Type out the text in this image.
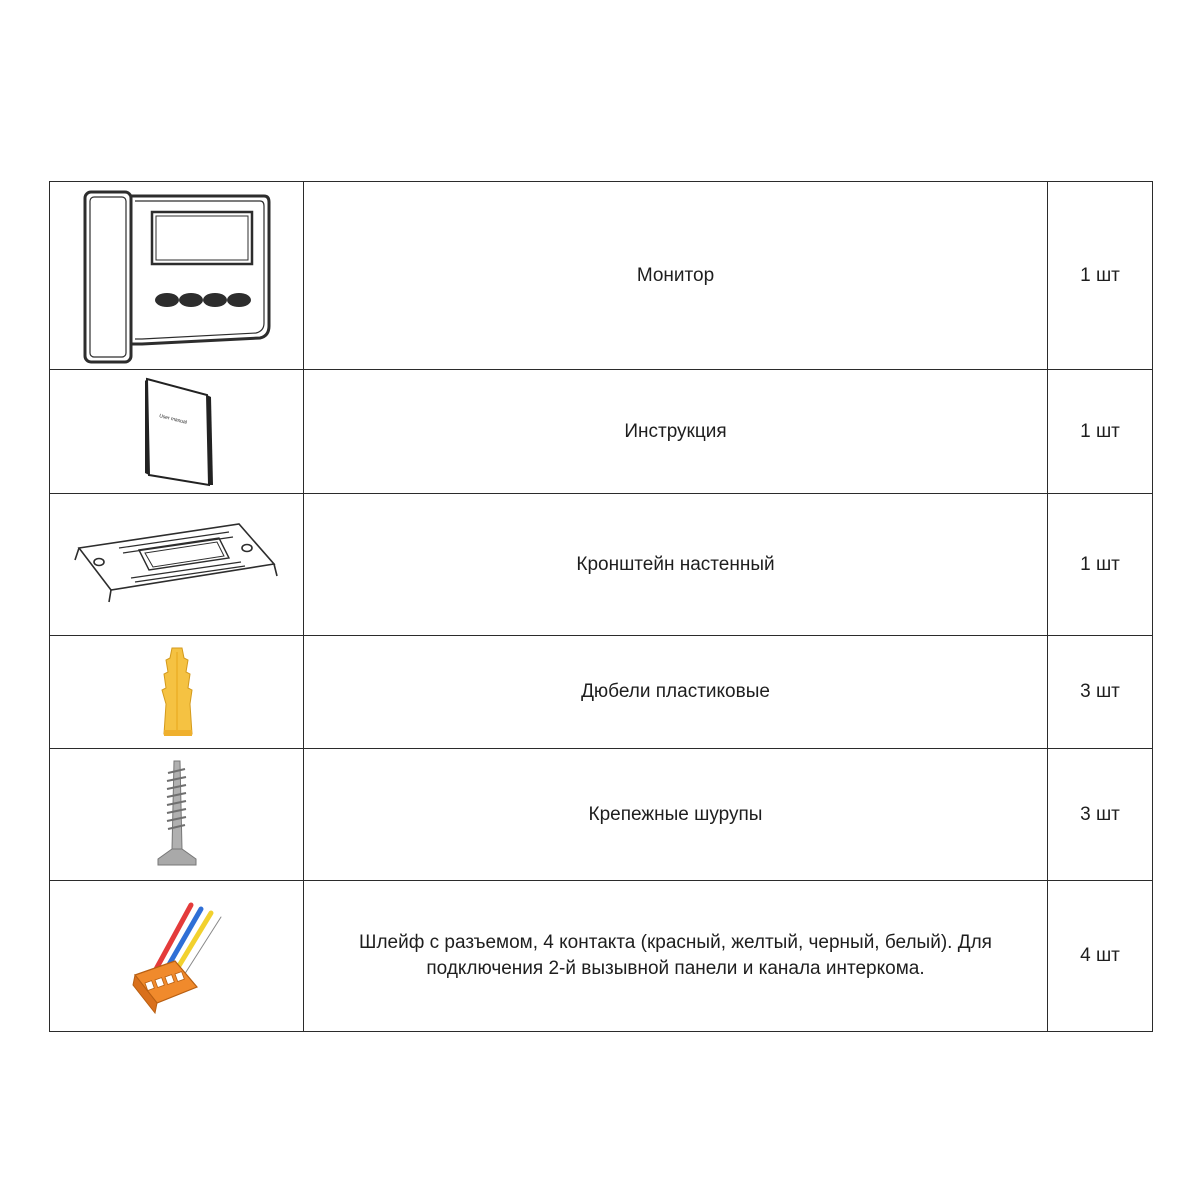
	Монитор	1 шт

User manual	Инструкция	1 шт

	Кронштейн настенный	1 шт

	Дюбели пластиковые	3 шт

	Крепежные шурупы	3 шт

	Шлейф с разъемом, 4 контакта (красный, желтый, черный, белый). Для подключения 2-й вызывной панели и канала интеркома.	4 шт
